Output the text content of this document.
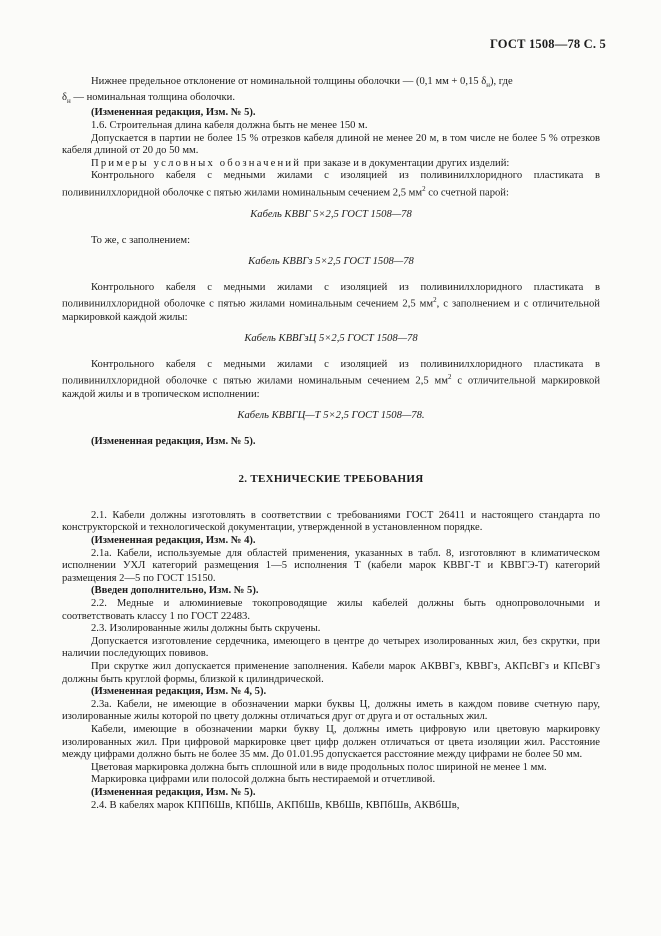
ГОСТ 1508—78 С. 5

Нижнее предельное отклонение от номинальной толщины оболочки — (0,1 мм + 0,15 $\delta_н$), где

$\delta_н$ — номинальная толщина оболочки.

(Измененная редакция, Изм. № 5).

1.6. Строительная длина кабеля должна быть не менее 150 м.

Допускается в партии не более 15 % отрезков кабеля длиной не менее 20 м, в том числе не более 5 % отрезков кабеля длиной от 20 до 50 мм.

Примеры условных обозначений при заказе и в документации других изделий:

Контрольного кабеля с медными жилами с изоляцией из поливинилхлоридного пластиката в поливинилхлоридной оболочке с пятью жилами номинальным сечением 2,5 $мм^2$ со счетной парой:

Кабель КВВГ 5×2,5 ГОСТ 1508—78

То же, с заполнением:

Кабель КВВГз 5×2,5 ГОСТ 1508—78

Контрольного кабеля с медными жилами с изоляцией из поливинилхлоридного пластиката в поливинилхлоридной оболочке с пятью жилами номинальным сечением 2,5 $мм^2$, с заполнением и с отличительной маркировкой каждой жилы:

Кабель КВВГзЦ 5×2,5 ГОСТ 1508—78

Контрольного кабеля с медными жилами с изоляцией из поливинилхлоридного пластиката в поливинилхлоридной оболочке с пятью жилами номинальным сечением 2,5 $мм^2$ с отличительной маркировкой каждой жилы и в тропическом исполнении:

Кабель КВВГЦ—Т 5×2,5 ГОСТ 1508—78.

(Измененная редакция, Изм. № 5).

2. ТЕХНИЧЕСКИЕ ТРЕБОВАНИЯ

2.1. Кабели должны изготовлять в соответствии с требованиями ГОСТ 26411 и настоящего стандарта по конструкторской и технологической документации, утвержденной в установленном порядке.

(Измененная редакция, Изм. № 4).

2.1а. Кабели, используемые для областей применения, указанных в табл. 8, изготовляют в климатическом исполнении УХЛ категорий размещения 1—5 исполнения Т (кабели марок КВВГ-Т и КВВГЭ-Т) категорий размещения 2—5 по ГОСТ 15150.

(Введен дополнительно, Изм. № 5).

2.2. Медные и алюминиевые токопроводящие жилы кабелей должны быть однопроволочными и соответствовать классу 1 по ГОСТ 22483.

2.3. Изолированные жилы должны быть скручены.

Допускается изготовление сердечника, имеющего в центре до четырех изолированных жил, без скрутки, при наличии последующих повивов.

При скрутке жил допускается применение заполнения. Кабели марок АКВВГз, КВВГз, АКПсВГз и КПсВГз должны быть круглой формы, близкой к цилиндрической.

(Измененная редакция, Изм. № 4, 5).

2.3а. Кабели, не имеющие в обозначении марки буквы Ц, должны иметь в каждом повиве счетную пару, изолированные жилы которой по цвету должны отличаться друг от друга и от остальных жил.

Кабели, имеющие в обозначении марки букву Ц, должны иметь цифровую или цветовую маркировку изолированных жил. При цифровой маркировке цвет цифр должен отличаться от цвета изоляции жил. Расстояние между цифрами должно быть не более 35 мм. До 01.01.95 допускается расстояние между цифрами не более 50 мм.

Цветовая маркировка должна быть сплошной или в виде продольных полос шириной не менее 1 мм.

Маркировка цифрами или полосой должна быть нестираемой и отчетливой.

(Измененная редакция, Изм. № 5).

2.4. В кабелях марок КПП6Шв, КПбШв, АКПбШв, КВбШв, КВПбШв, АКВбШв,
